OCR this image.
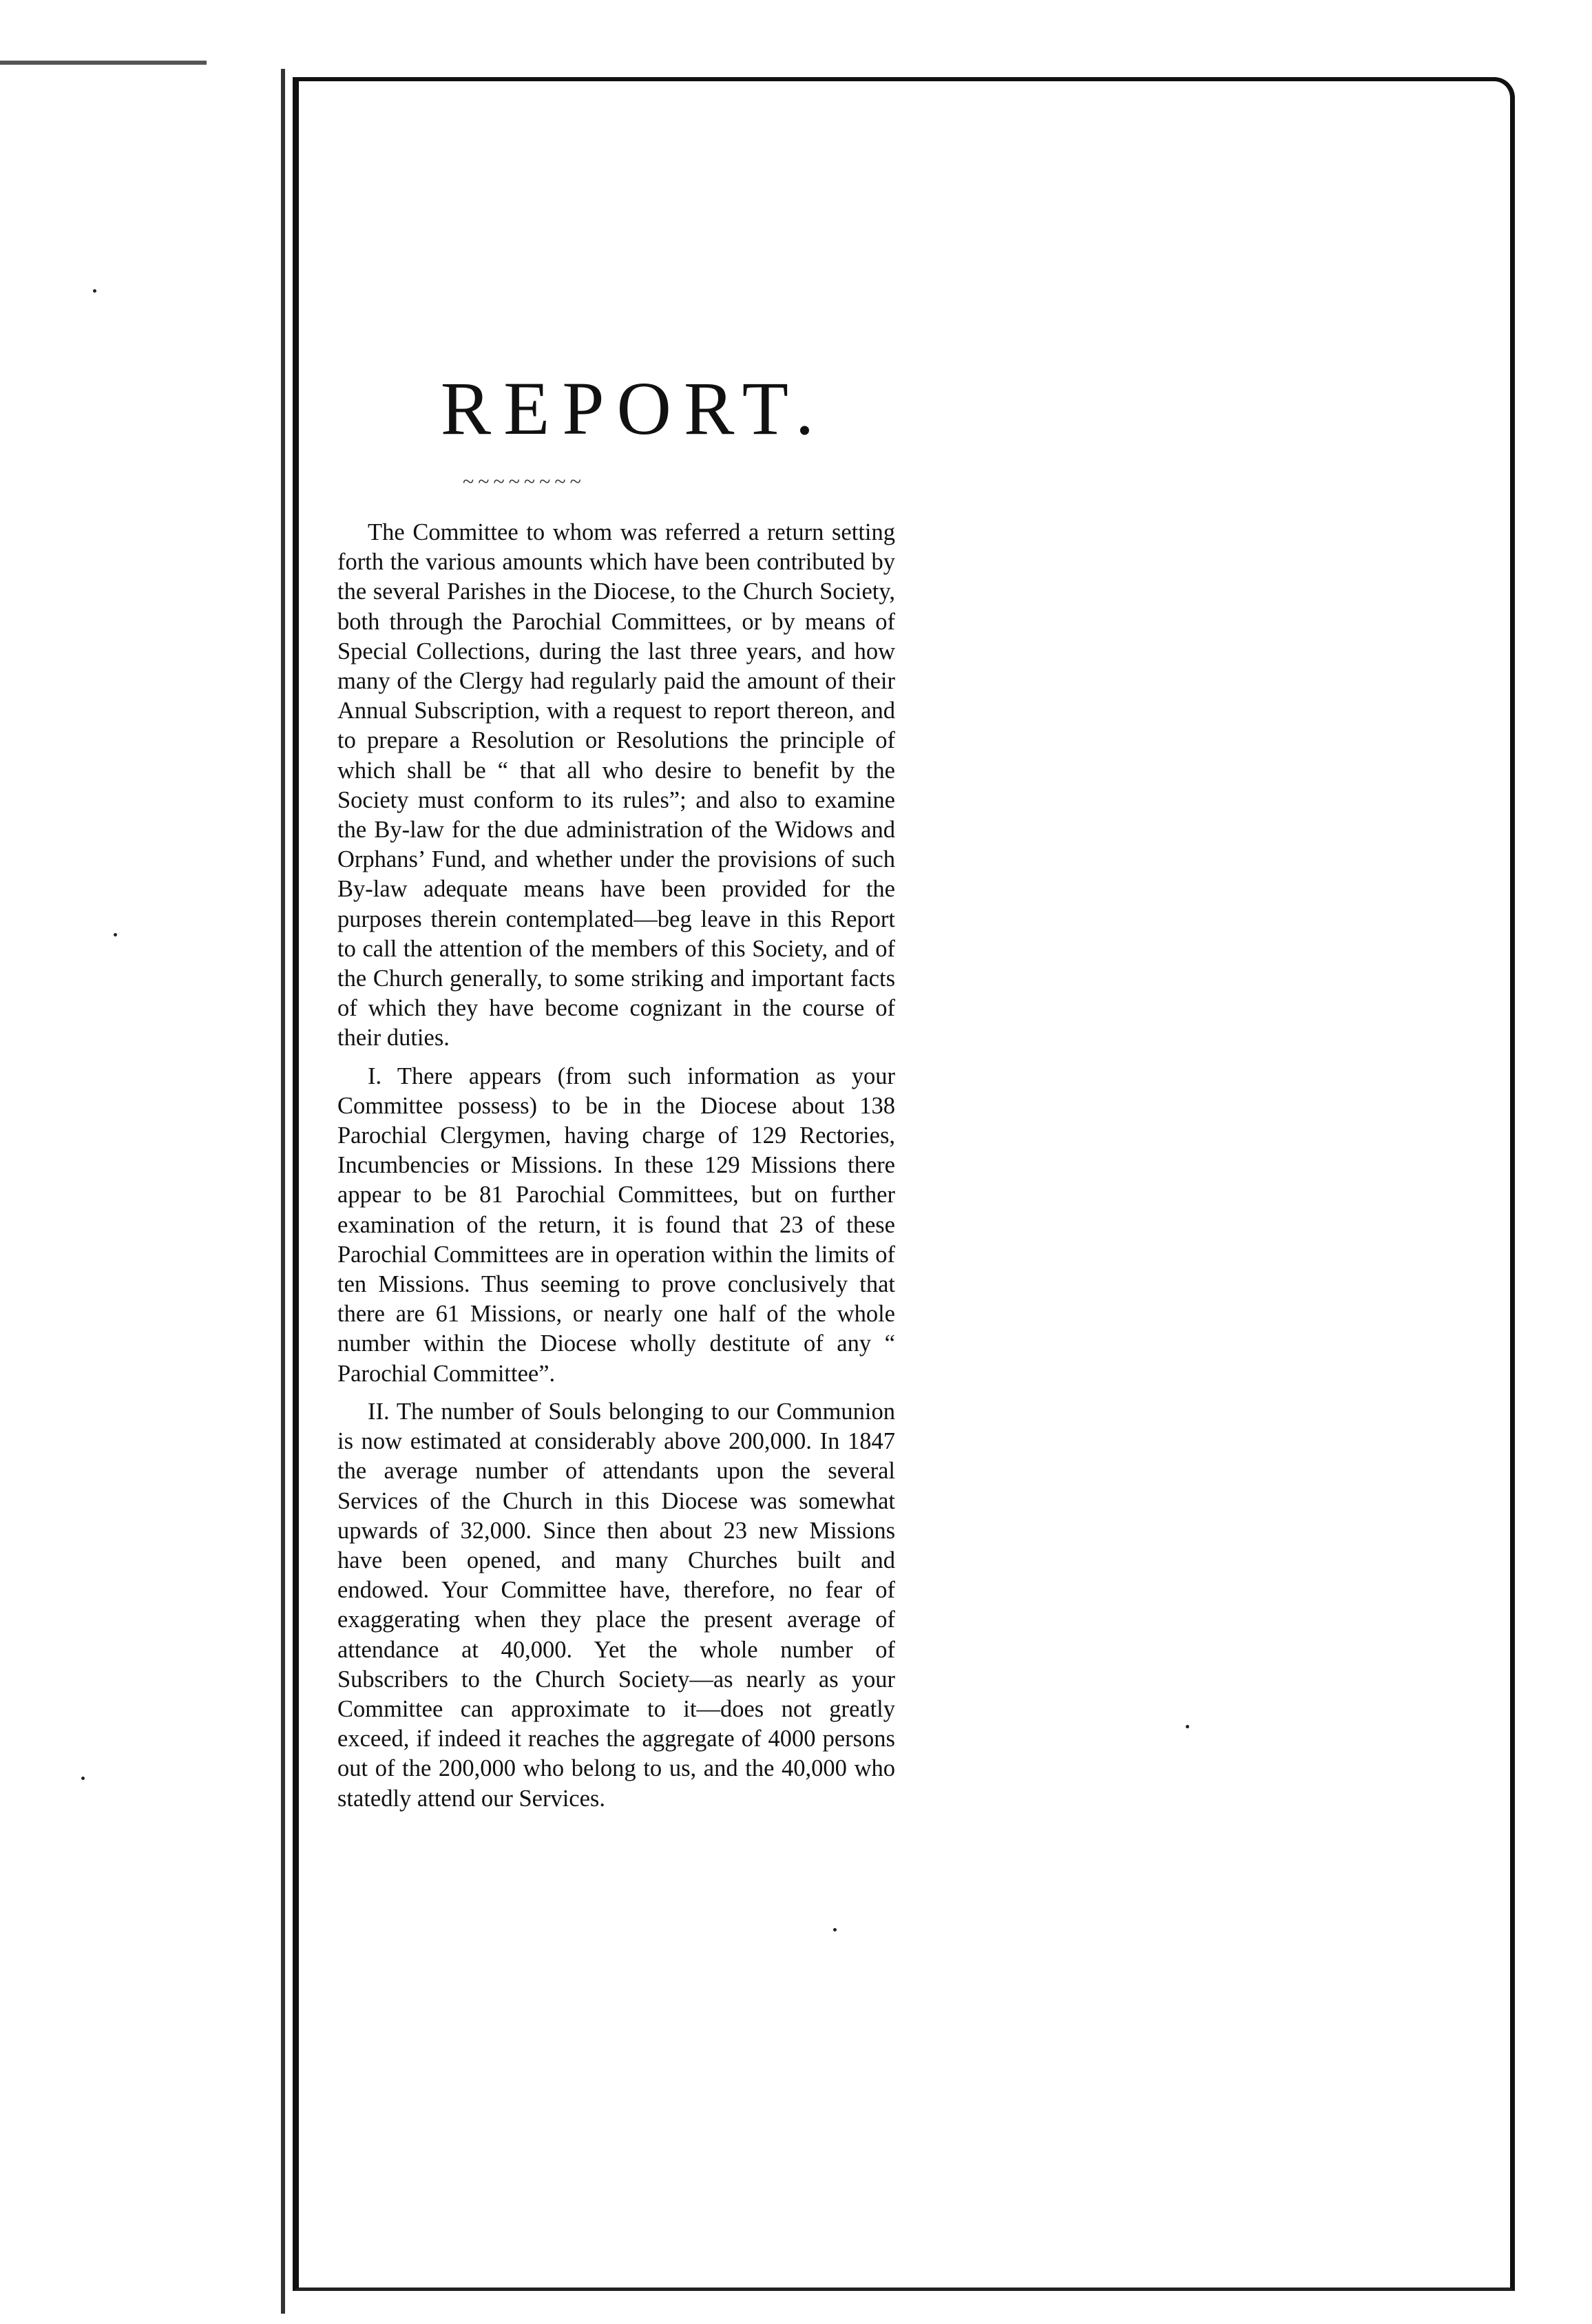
REPORT.
~~~~~~~~

The Committee to whom was referred a return setting forth the various amounts which have been contributed by the several Parishes in the Diocese, to the Church Society, both through the Parochial Committees, or by means of Special Collections, during the last three years, and how many of the Clergy had regularly paid the amount of their Annual Subscription, with a request to report thereon, and to prepare a Resolution or Resolutions the principle of which shall be “ that all who desire to benefit by the Society must conform to its rules”; and also to examine the By-law for the due administration of the Widows and Orphans’ Fund, and whether under the provisions of such By-law adequate means have been provided for the purposes therein contemplated—beg leave in this Report to call the attention of the members of this Society, and of the Church generally, to some striking and important facts of which they have become cognizant in the course of their duties.

I. There appears (from such information as your Committee possess) to be in the Diocese about 138 Parochial Clergymen, having charge of 129 Rectories, Incumbencies or Missions. In these 129 Missions there appear to be 81 Parochial Committees, but on further examination of the return, it is found that 23 of these Parochial Committees are in operation within the limits of ten Missions. Thus seeming to prove conclusively that there are 61 Missions, or nearly one half of the whole number within the Diocese wholly destitute of any “ Parochial Committee”.

II. The number of Souls belonging to our Communion is now estimated at considerably above 200,000. In 1847 the average number of attendants upon the several Services of the Church in this Diocese was somewhat upwards of 32,000. Since then about 23 new Missions have been opened, and many Churches built and endowed. Your Committee have, therefore, no fear of exaggerating when they place the present average of attendance at 40,000. Yet the whole number of Subscribers to the Church Society—as nearly as your Committee can approximate to it—does not greatly exceed, if indeed it reaches the aggregate of 4000 persons out of the 200,000 who belong to us, and the 40,000 who statedly attend our Services.
